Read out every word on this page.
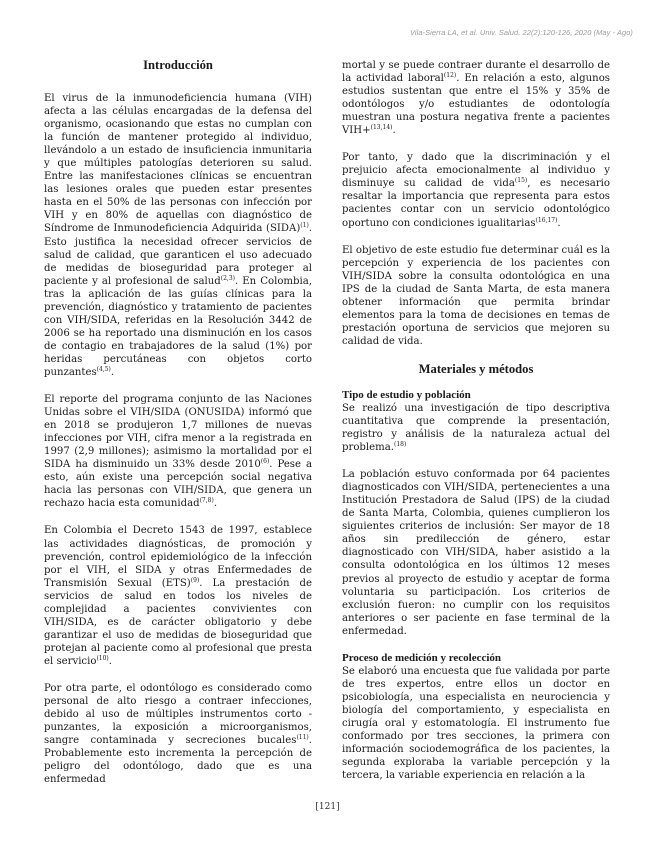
Vila-Sierra LA, et al. Univ. Salud. 22(2):120-126, 2020 (May - Ago)
Introducción

El virus de la inmunodeficiencia humana (VIH) afecta a las células encargadas de la defensa del organismo, ocasionando que estas no cumplan con la función de mantener protegido al individuo, llevándolo a un estado de insuficiencia inmunitaria y que múltiples patologías deterioren su salud. Entre las manifestaciones clínicas se encuentran las lesiones orales que pueden estar presentes hasta en el 50% de las personas con infección por VIH y en 80% de aquellas con diagnóstico de Síndrome de Inmunodeficiencia Adquirida (SIDA)$^{(1)}$. Esto justifica la necesidad ofrecer servicios de salud de calidad, que garanticen el uso adecuado de medidas de bioseguridad para proteger al paciente y al profesional de salud$^{(2,3)}$. En Colombia, tras la aplicación de las guías clínicas para la prevención, diagnóstico y tratamiento de pacientes con VIH/SIDA, referidas en la Resolución 3442 de 2006 se ha reportado una disminución en los casos de contagio en trabajadores de la salud (1%) por heridas percutáneas con objetos corto punzantes$^{(4,5)}$.

El reporte del programa conjunto de las Naciones Unidas sobre el VIH/SIDA (ONUSIDA) informó que en 2018 se produjeron 1,7 millones de nuevas infecciones por VIH, cifra menor a la registrada en 1997 (2,9 millones); asimismo la mortalidad por el SIDA ha disminuido un 33% desde 2010$^{(6)}$. Pese a esto, aún existe una percepción social negativa hacia las personas con VIH/SIDA, que genera un rechazo hacia esta comunidad$^{(7,8)}$.

En Colombia el Decreto 1543 de 1997, establece las actividades diagnósticas, de promoción y prevención, control epidemiológico de la infección por el VIH, el SIDA y otras Enfermedades de Transmisión Sexual (ETS)$^{(9)}$. La prestación de servicios de salud en todos los niveles de complejidad a pacientes convivientes con VIH/SIDA, es de carácter obligatorio y debe garantizar el uso de medidas de bioseguridad que protejan al paciente como al profesional que presta el servicio$^{(10)}$.

Por otra parte, el odontólogo es considerado como personal de alto riesgo a contraer infecciones, debido al uso de múltiples instrumentos corto - punzantes, la exposición a microorganismos, sangre contaminada y secreciones bucales$^{(11)}$. Probablemente esto incrementa la percepción de peligro del odontólogo, dado que es una enfermedad

mortal y se puede contraer durante el desarrollo de la actividad laboral$^{(12)}$. En relación a esto, algunos estudios sustentan que entre el 15% y 35% de odontólogos y/o estudiantes de odontología muestran una postura negativa frente a pacientes VIH+$^{(13,14)}$.

Por tanto, y dado que la discriminación y el prejuicio afecta emocionalmente al individuo y disminuye su calidad de vida$^{(15)}$, es necesario resaltar la importancia que representa para estos pacientes contar con un servicio odontológico oportuno con condiciones igualitarias$^{(16,17)}$.

El objetivo de este estudio fue determinar cuál es la percepción y experiencia de los pacientes con VIH/SIDA sobre la consulta odontológica en una IPS de la ciudad de Santa Marta, de esta manera obtener información que permita brindar elementos para la toma de decisiones en temas de prestación oportuna de servicios que mejoren su calidad de vida.

Materiales y métodos
Tipo de estudio y población

Se realizó una investigación de tipo descriptiva cuantitativa que comprende la presentación, registro y análisis de la naturaleza actual del problema.$^{(18)}$

La población estuvo conformada por 64 pacientes diagnosticados con VIH/SIDA, pertenecientes a una Institución Prestadora de Salud (IPS) de la ciudad de Santa Marta, Colombia, quienes cumplieron los siguientes criterios de inclusión: Ser mayor de 18 años sin predilección de género, estar diagnosticado con VIH/SIDA, haber asistido a la consulta odontológica en los últimos 12 meses previos al proyecto de estudio y aceptar de forma voluntaria su participación. Los criterios de exclusión fueron: no cumplir con los requisitos anteriores o ser paciente en fase terminal de la enfermedad.

Proceso de medición y recolección

Se elaboró una encuesta que fue validada por parte de tres expertos, entre ellos un doctor en psicobiología, una especialista en neurociencia y biología del comportamiento, y especialista en cirugía oral y estomatología. El instrumento fue conformado por tres secciones, la primera con información sociodemográfica de los pacientes, la segunda exploraba la variable percepción y la tercera, la variable experiencia en relación a la

[121]
